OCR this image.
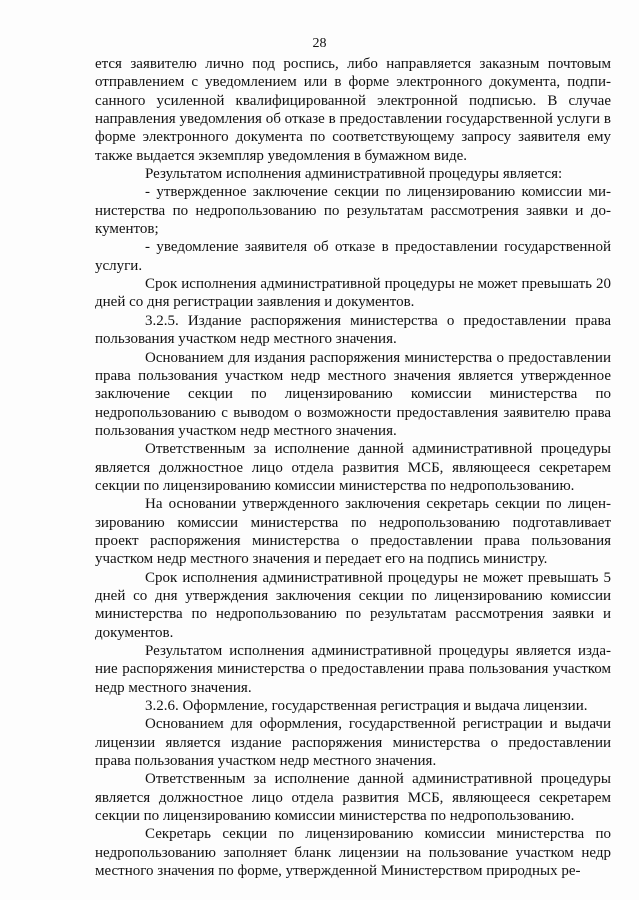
28

ется заявителю лично под роспись, либо направляется заказным почтовым отправлением с уведомлением или в форме электронного документа, подписанного усиленной квалифицированной электронной подписью. В случае направления уведомления об отказе в предоставлении государственной услуги в форме электронного документа по соответствующему запросу заявителя ему также выдается экземпляр уведомления в бумажном виде.

Результатом исполнения административной процедуры является:

- утвержденное заключение секции по лицензированию комиссии министерства по недропользованию по результатам рассмотрения заявки и документов;

- уведомление заявителя об отказе в предоставлении государственной услуги.

Срок исполнения административной процедуры не может превышать 20 дней со дня регистрации заявления и документов.

3.2.5. Издание распоряжения министерства о предоставлении права пользования участком недр местного значения.

Основанием для издания распоряжения министерства о предоставлении права пользования участком недр местного значения является утвержденное заключение секции по лицензированию комиссии министерства по недропользованию с выводом о возможности предоставления заявителю права пользования участком недр местного значения.

Ответственным за исполнение данной административной процедуры является должностное лицо отдела развития МСБ, являющееся секретарем секции по лицензированию комиссии министерства по недропользованию.

На основании утвержденного заключения секретарь секции по лицензированию комиссии министерства по недропользованию подготавливает проект распоряжения министерства о предоставлении права пользования участком недр местного значения и передает его на подпись министру.

Срок исполнения административной процедуры не может превышать 5 дней со дня утверждения заключения секции по лицензированию комиссии министерства по недропользованию по результатам рассмотрения заявки и документов.

Результатом исполнения административной процедуры является издание распоряжения министерства о предоставлении права пользования участком недр местного значения.

3.2.6. Оформление, государственная регистрация и выдача лицензии.

Основанием для оформления, государственной регистрации и выдачи лицензии является издание распоряжения министерства о предоставлении права пользования участком недр местного значения.

Ответственным за исполнение данной административной процедуры является должностное лицо отдела развития МСБ, являющееся секретарем секции по лицензированию комиссии министерства по недропользованию.

Секретарь секции по лицензированию комиссии министерства по недропользованию заполняет бланк лицензии на пользование участком недр местного значения по форме, утвержденной Министерством природных ре-
